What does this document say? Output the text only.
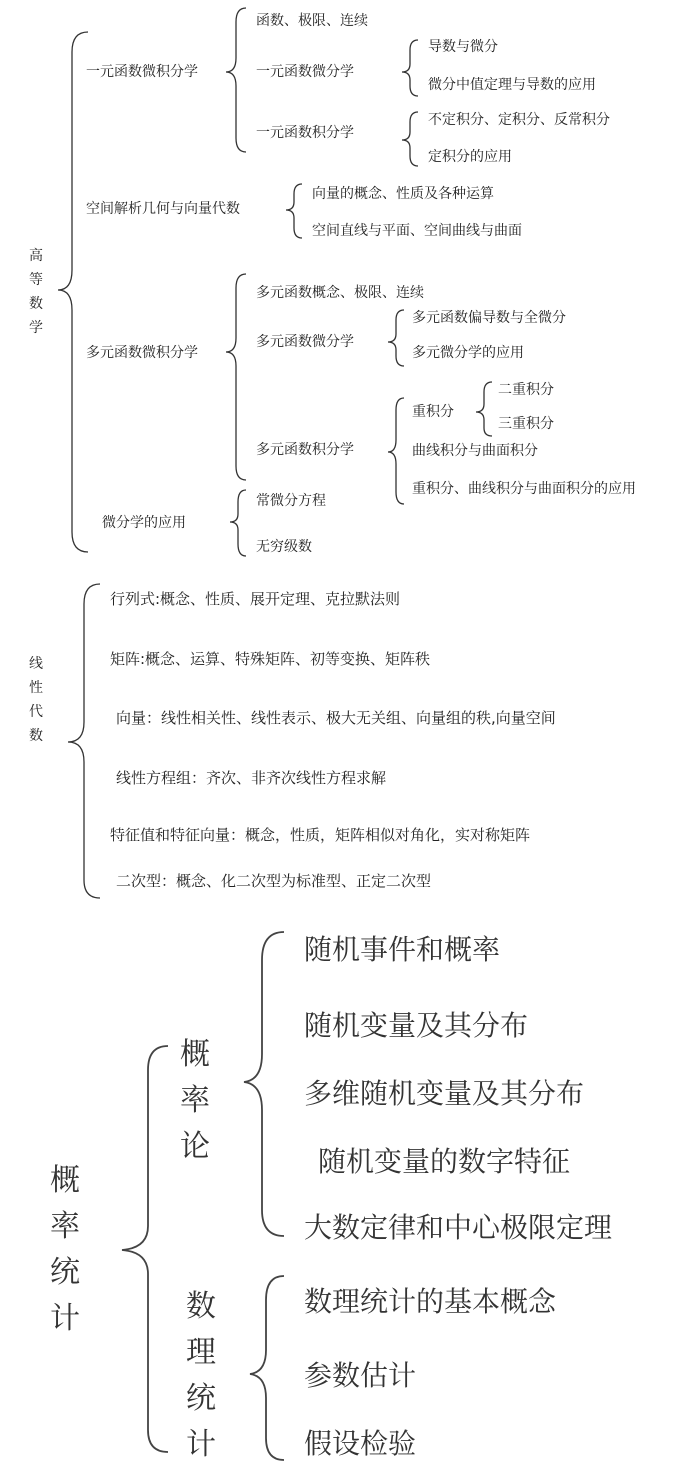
高
等
数
学
一元函数微积分学
函数、极限、连续
一元函数微分学
导数与微分
微分中值定理与导数的应用
一元函数积分学
不定积分、定积分、反常积分
定积分的应用
空间解析几何与向量代数
向量的概念、性质及各种运算
空间直线与平面、空间曲线与曲面
多元函数微积分学
多元函数概念、极限、连续
多元函数微分学
多元函数偏导数与全微分
多元微分学的应用
多元函数积分学
重积分
二重积分
三重积分
曲线积分与曲面积分
重积分、曲线积分与曲面积分的应用
微分学的应用
常微分方程
无穷级数
线
性
代
数
行列式:概念、性质、展开定理、克拉默法则
矩阵:概念、运算、特殊矩阵、初等变换、矩阵秩
向量：线性相关性、线性表示、极大无关组、向量组的秩,向量空间
线性方程组：齐次、非齐次线性方程求解
特征值和特征向量：概念，性质，矩阵相似对角化，实对称矩阵
二次型：概念、化二次型为标准型、正定二次型
概
率
统
计
概
率
论
随机事件和概率
随机变量及其分布
多维随机变量及其分布
随机变量的数字特征
大数定律和中心极限定理
数
理
统
计
数理统计的基本概念
参数估计
假设检验
